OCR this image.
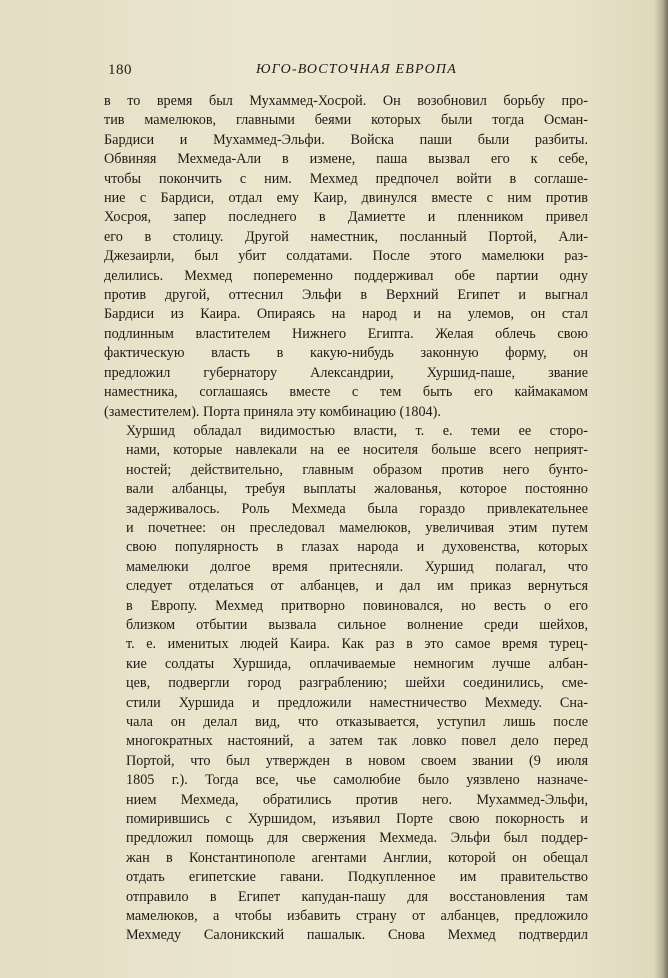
180	ЮГО-ВОСТОЧНАЯ ЕВРОПА

в то время был Мухаммед-Хосрой. Он возобновил борьбу про-
тив мамелюков, главными беями которых были тогда Осман-
Бардиси и Мухаммед-Эльфи. Войска паши были разбиты.
Обвиняя Мехмеда-Али в измене, паша вызвал его к себе,
чтобы покончить с ним. Мехмед предпочел войти в соглаше-
ние с Бардиси, отдал ему Каир, двинулся вместе с ним против
Хосроя, запер последнего в Дамиетте и пленником привел
его в столицу. Другой наместник, посланный Портой, Али-
Джезаирли, был убит солдатами. После этого мамелюки раз-
делились. Мехмед попеременно поддерживал обе партии одну
против другой, оттеснил Эльфи в Верхний Египет и выгнал
Бардиси из Каира. Опираясь на народ и на улемов, он стал
подлинным властителем Нижнего Египта. Желая облечь свою
фактическую власть в какую-нибудь законную форму, он
предложил губернатору Александрии, Хуршид-паше, звание
наместника, соглашаясь вместе с тем быть его каймакамом
(заместителем). Порта приняла эту комбинацию (1804).

Хуршид обладал видимостью власти, т. е. теми ее сторо-
нами, которые навлекали на ее носителя больше всего неприят-
ностей; действительно, главным образом против него бунто-
вали албанцы, требуя выплаты жалованья, которое постоянно
задерживалось. Роль Мехмеда была гораздо привлекательнее
и почетнее: он преследовал мамелюков, увеличивая этим путем
свою популярность в глазах народа и духовенства, которых
мамелюки долгое время притесняли. Хуршид полагал, что
следует отделаться от албанцев, и дал им приказ вернуться
в Европу. Мехмед притворно повиновался, но весть о его
близком отбытии вызвала сильное волнение среди шейхов,
т. е. именитых людей Каира. Как раз в это самое время турец-
кие солдаты Хуршида, оплачиваемые немногим лучше албан-
цев, подвергли город разграблению; шейхи соединились, сме-
стили Хуршида и предложили наместничество Мехмеду. Сна-
чала он делал вид, что отказывается, уступил лишь после
многократных настояний, а затем так ловко повел дело перед
Портой, что был утвержден в новом своем звании (9 июля
1805 г.). Тогда все, чье самолюбие было уязвлено назначе-
нием Мехмеда, обратились против него. Мухаммед-Эльфи,
помирившись с Хуршидом, изъявил Порте свою покорность и
предложил помощь для свержения Мехмеда. Эльфи был поддер-
жан в Константинополе агентами Англии, которой он обещал
отдать египетские гавани. Подкупленное им правительство
отправило в Египет капудан-пашу для восстановления там
мамелюков, а чтобы избавить страну от албанцев, предложило
Мехмеду Салоникский пашалык. Снова Мехмед подтвердил
